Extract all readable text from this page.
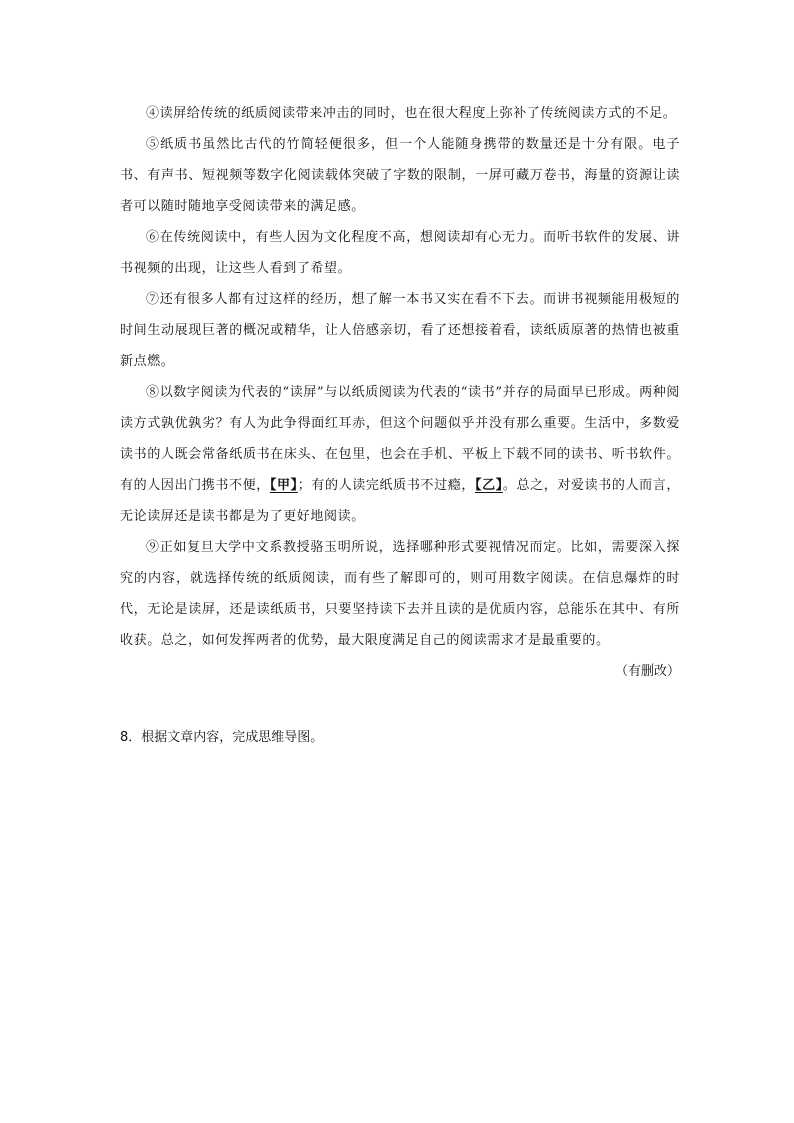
④读屏给传统的纸质阅读带来冲击的同时，也在很大程度上弥补了传统阅读方式的不足。

⑤纸质书虽然比古代的竹简轻便很多，但一个人能随身携带的数量还是十分有限。电子书、有声书、短视频等数字化阅读载体突破了字数的限制，一屏可藏万卷书，海量的资源让读者可以随时随地享受阅读带来的满足感。

⑥在传统阅读中，有些人因为文化程度不高，想阅读却有心无力。而听书软件的发展、讲书视频的出现，让这些人看到了希望。

⑦还有很多人都有过这样的经历，想了解一本书又实在看不下去。而讲书视频能用极短的时间生动展现巨著的概况或精华，让人倍感亲切，看了还想接着看，读纸质原著的热情也被重新点燃。

⑧以数字阅读为代表的“读屏”与以纸质阅读为代表的“读书”并存的局面早已形成。两种阅读方式孰优孰劣？有人为此争得面红耳赤，但这个问题似乎并没有那么重要。生活中，多数爱读书的人既会常备纸质书在床头、在包里，也会在手机、平板上下载不同的读书、听书软件。有的人因出门携书不便，【甲】；有的人读完纸质书不过瘾，【乙】。总之，对爱读书的人而言，无论读屏还是读书都是为了更好地阅读。

⑨正如复旦大学中文系教授骆玉明所说，选择哪种形式要视情况而定。比如，需要深入探究的内容，就选择传统的纸质阅读，而有些了解即可的，则可用数字阅读。在信息爆炸的时代，无论是读屏，还是读纸质书，只要坚持读下去并且读的是优质内容，总能乐在其中、有所收获。总之，如何发挥两者的优势，最大限度满足自己的阅读需求才是最重要的。

（有删改）

8．根据文章内容，完成思维导图。
